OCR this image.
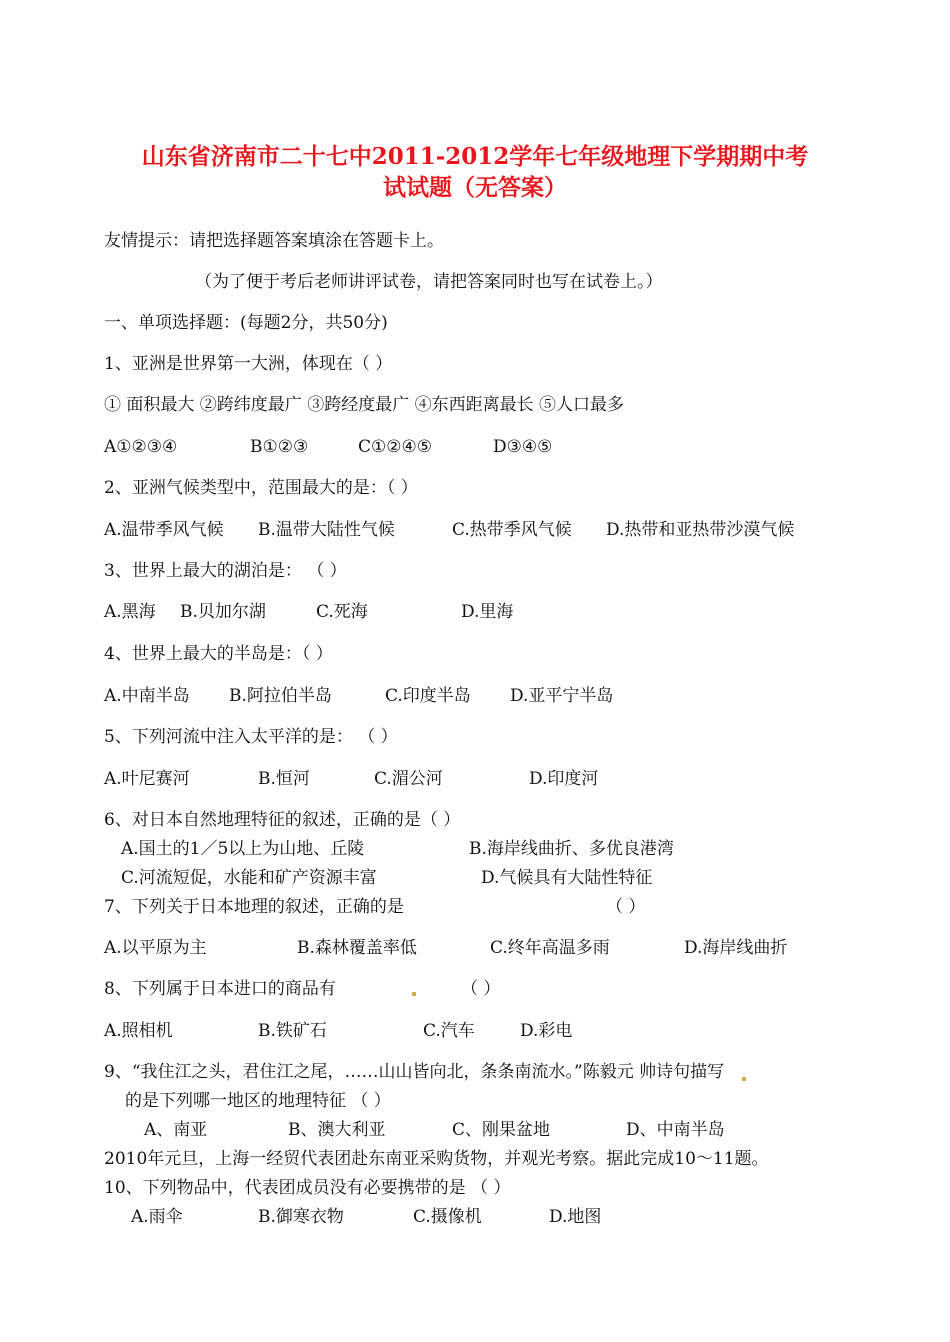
山东省济南市二十七中2011-2012学年七年级地理下学期期中考
试试题（无答案）
友情提示：请把选择题答案填涂在答题卡上。
（为了便于考后老师讲评试卷，请把答案同时也写在试卷上。）
一、单项选择题：(每题2分，共50分)
1、亚洲是世界第一大洲，体现在（ ）
① 面积最大 ②跨纬度最广 ③跨经度最广 ④东西距离最长 ⑤人口最多
A①②③④	B①②③	C①②④⑤	D③④⑤
2、亚洲气候类型中，范围最大的是：（ ）
A.温带季风气候 B.温带大陆性气候	C.热带季风气候 D.热带和亚热带沙漠气候
3、世界上最大的湖泊是： （ ）
A.黑海 B.贝加尔湖	C.死海	D.里海
4、世界上最大的半岛是：（ ）
A.中南半岛 B.阿拉伯半岛	C.印度半岛 D.亚平宁半岛
5、下列河流中注入太平洋的是： （ ）
A.叶尼赛河	B.恒河	C.湄公河	D.印度河
6、对日本自然地理特征的叙述，正确的是（ ）
A.国土的1／5以上为山地、丘陵	B.海岸线曲折、多优良港湾
C.河流短促，水能和矿产资源丰富	D.气候具有大陆性特征
7、下列关于日本地理的叙述，正确的是	（ ）
A.以平原为主	B.森林覆盖率低	C.终年高温多雨	D.海岸线曲折
8、下列属于日本进口的商品有	（ ）
A.照相机	B.铁矿石	C.汽车	D.彩电
9、“我住江之头，君住江之尾，……山山皆向北，条条南流水。”陈毅元 帅诗句描写
的是下列哪一地区的地理特征 （ ）
A、南亚	B、澳大利亚	C、刚果盆地	D、中南半岛
2010年元旦，上海一经贸代表团赴东南亚采购货物，并观光考察。据此完成10～11题。
10、下列物品中，代表团成员没有必要携带的是 （ ）
A.雨伞	B.御寒衣物	C.摄像机	D.地图
